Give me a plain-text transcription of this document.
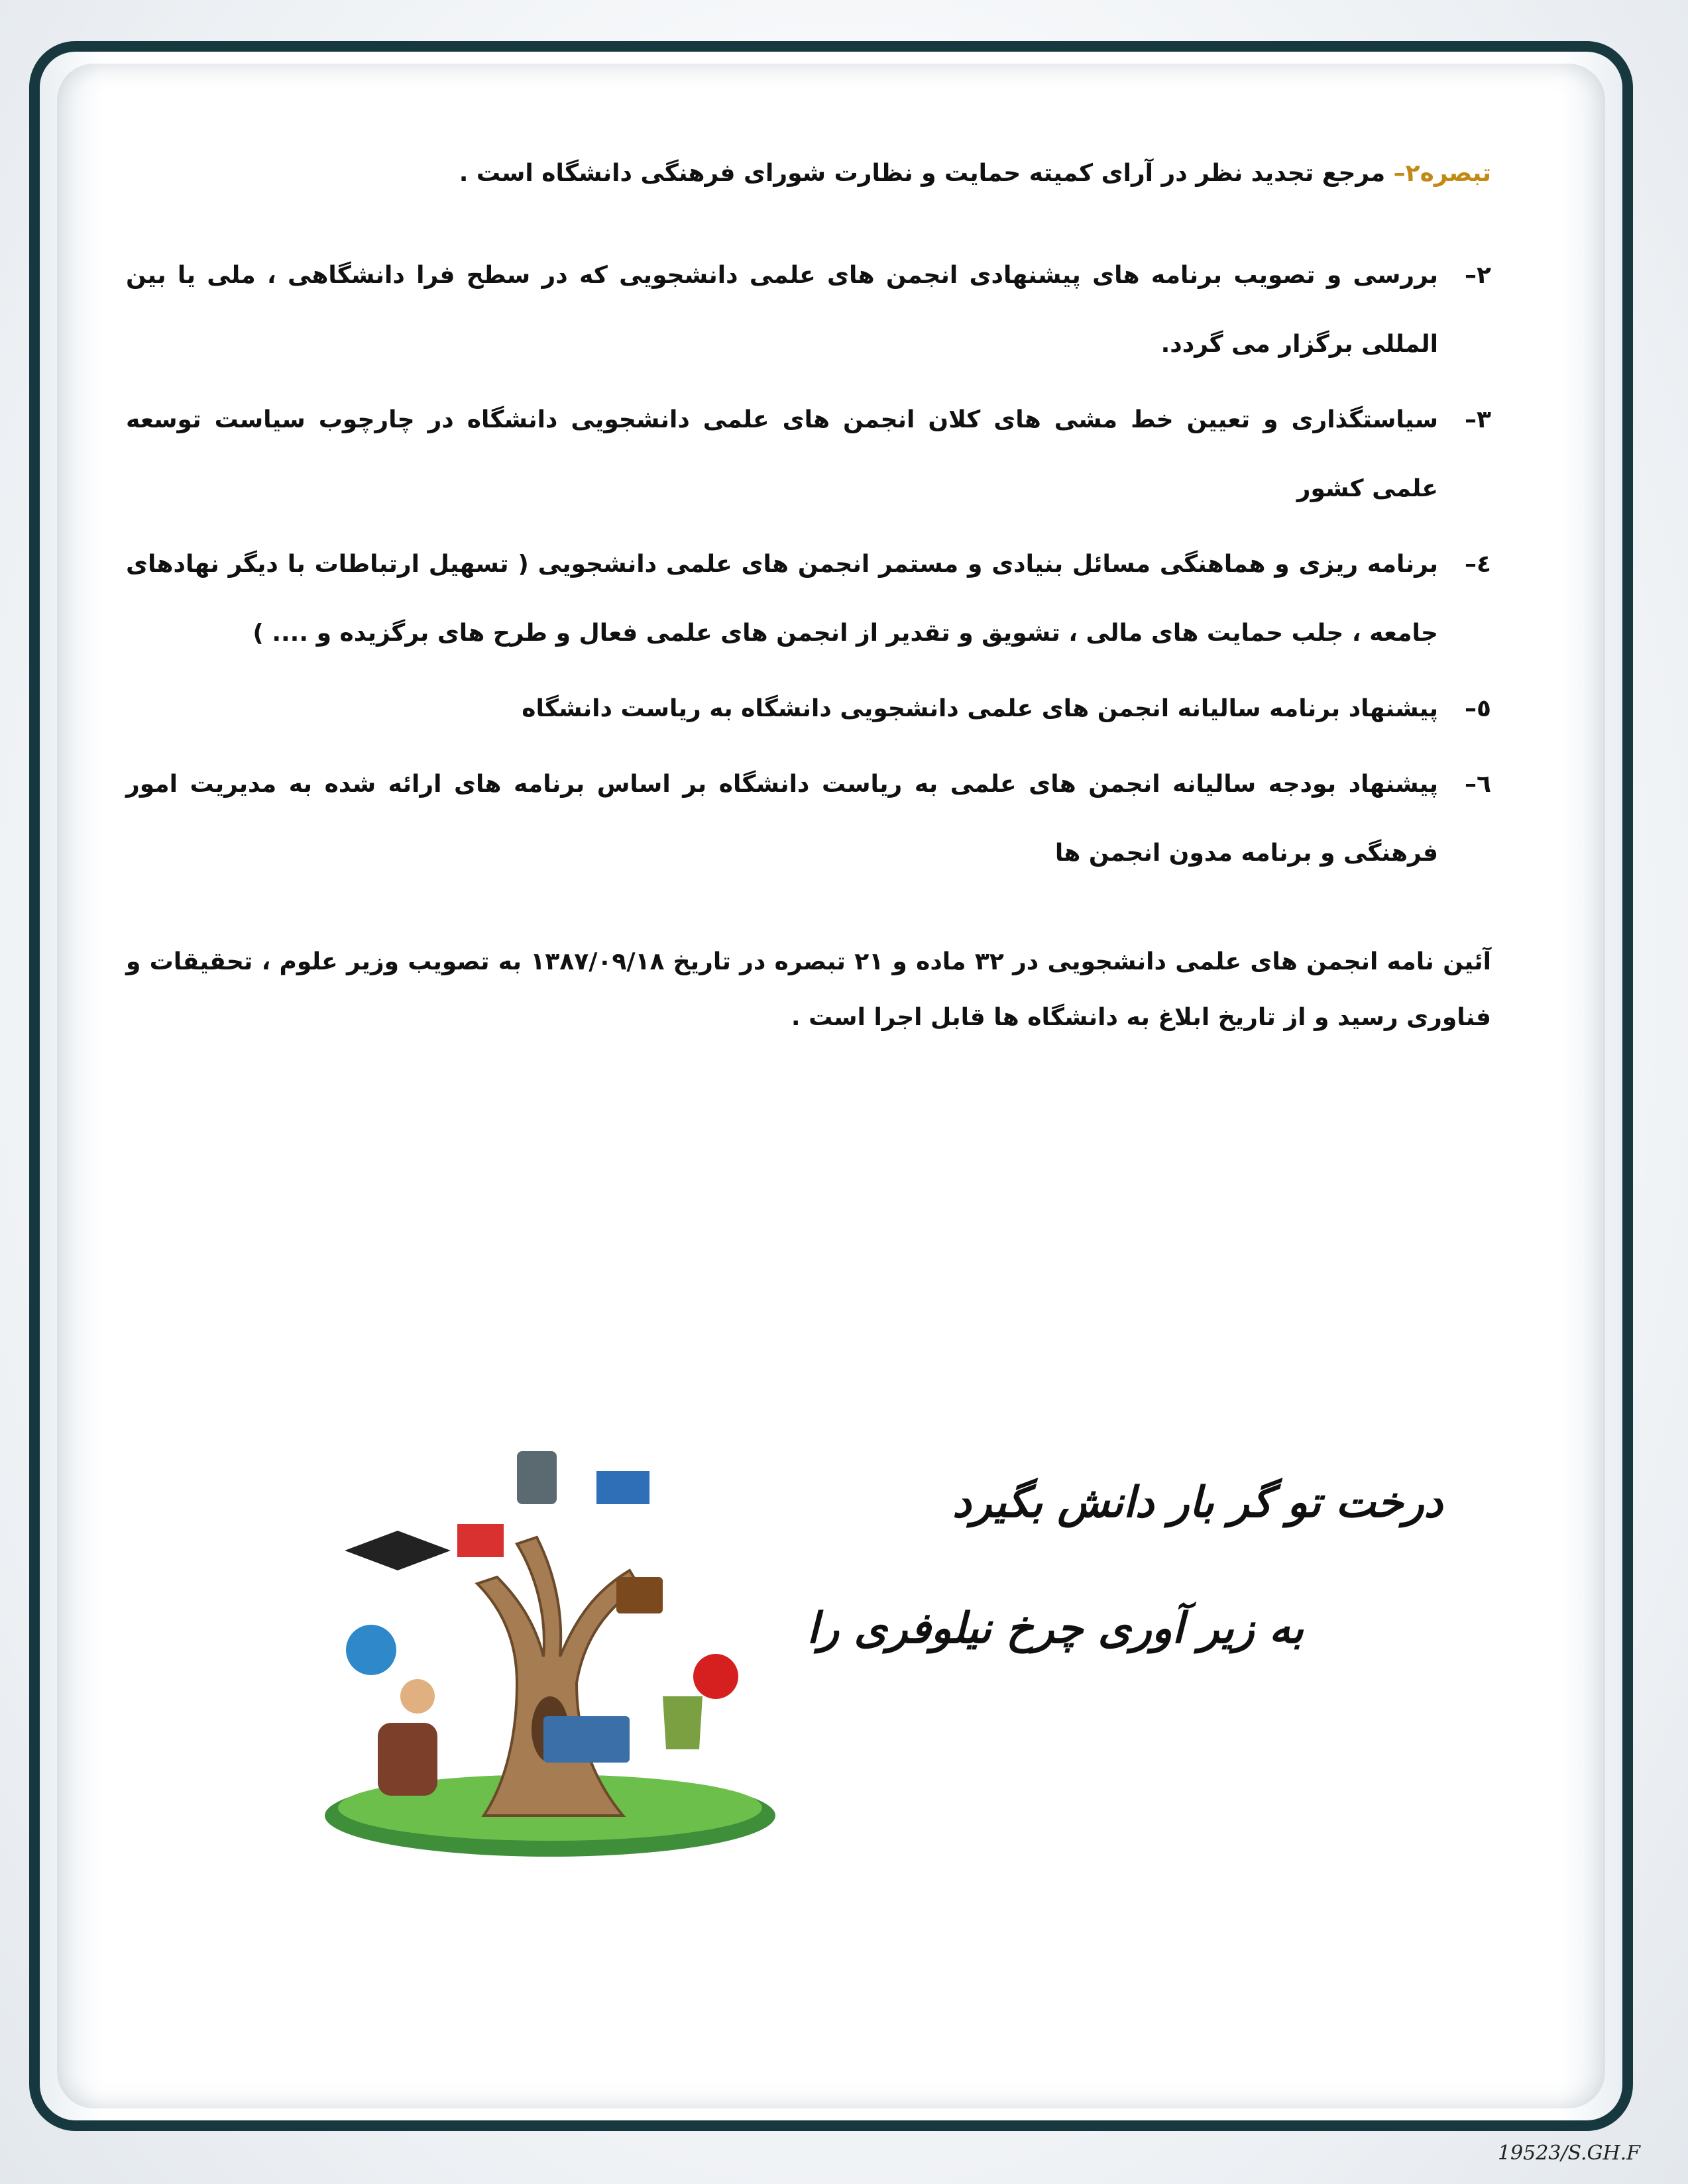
تبصره۲– مرجع تجدید نظر در آرای کمیته حمایت و نظارت شورای فرهنگی دانشگاه است .

۲–
بررسی و تصویب برنامه های پیشنهادی انجمن های علمی دانشجویی که در سطح فرا دانشگاهی ، ملی یا بین المللی برگزار می گردد.
۳–
سیاستگذاری و تعیین خط مشی های کلان انجمن های علمی دانشجویی دانشگاه در چارچوب سیاست توسعه علمی کشور
٤–
برنامه ریزی و هماهنگی مسائل بنیادی و مستمر انجمن های علمی دانشجویی ( تسهیل ارتباطات با دیگر نهادهای جامعه ، جلب حمایت های مالی ، تشویق و تقدیر از انجمن های علمی فعال و طرح های برگزیده و .... )
٥–
پیشنهاد برنامه سالیانه انجمن های علمی دانشجویی دانشگاه به ریاست دانشگاه
٦–
پیشنهاد بودجه سالیانه انجمن های علمی به ریاست دانشگاه بر اساس برنامه های ارائه شده به مدیریت امور فرهنگی و برنامه مدون انجمن ها

آئین نامه انجمن های علمی دانشجویی در ۳۲ ماده و ۲۱ تبصره در تاریخ ۱۳۸۷/۰۹/۱۸ به تصویب وزیر علوم ، تحقیقات و فناوری رسید و از تاریخ ابلاغ به دانشگاه ها قابل اجرا است .

درخت تو گر بار دانش بگیرد
به زیر آوری چرخ نیلوفری را
19523/S.GH.F
